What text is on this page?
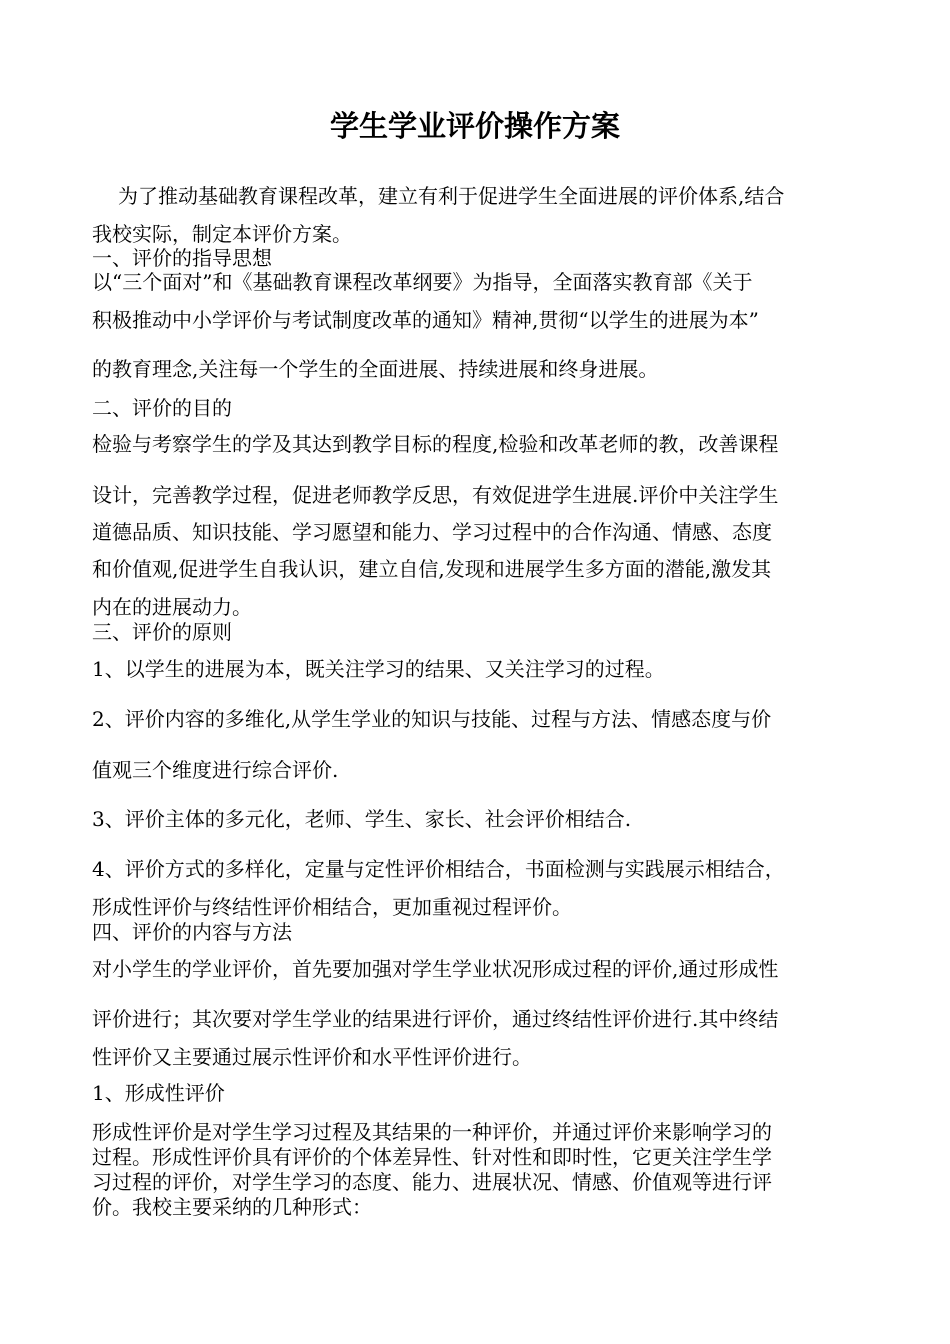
学生学业评价操作方案

为了推动基础教育课程改革，建立有利于促进学生全面进展的评价体系,结合

我校实际，制定本评价方案。

一、评价的指导思想

以“三个面对”和《基础教育课程改革纲要》为指导，全面落实教育部《关于

积极推动中小学评价与考试制度改革的通知》精神,贯彻“以学生的进展为本”

的教育理念,关注每一个学生的全面进展、持续进展和终身进展。

二、评价的目的

检验与考察学生的学及其达到教学目标的程度,检验和改革老师的教，改善课程

设计，完善教学过程，促进老师教学反思，有效促进学生进展.评价中关注学生

道德品质、知识技能、学习愿望和能力、学习过程中的合作沟通、情感、态度

和价值观,促进学生自我认识，建立自信,发现和进展学生多方面的潜能,激发其

内在的进展动力。

三、评价的原则

1、以学生的进展为本，既关注学习的结果、又关注学习的过程。

2、评价内容的多维化,从学生学业的知识与技能、过程与方法、情感态度与价

值观三个维度进行综合评价.

3、评价主体的多元化，老师、学生、家长、社会评价相结合.

4、评价方式的多样化，定量与定性评价相结合，书面检测与实践展示相结合，

形成性评价与终结性评价相结合，更加重视过程评价。

四、评价的内容与方法

对小学生的学业评价，首先要加强对学生学业状况形成过程的评价,通过形成性

评价进行；其次要对学生学业的结果进行评价，通过终结性评价进行.其中终结

性评价又主要通过展示性评价和水平性评价进行。

1、形成性评价

形成性评价是对学生学习过程及其结果的一种评价，并通过评价来影响学习的

过程。形成性评价具有评价的个体差异性、针对性和即时性，它更关注学生学

习过程的评价，对学生学习的态度、能力、进展状况、情感、价值观等进行评

价。我校主要采纳的几种形式：
